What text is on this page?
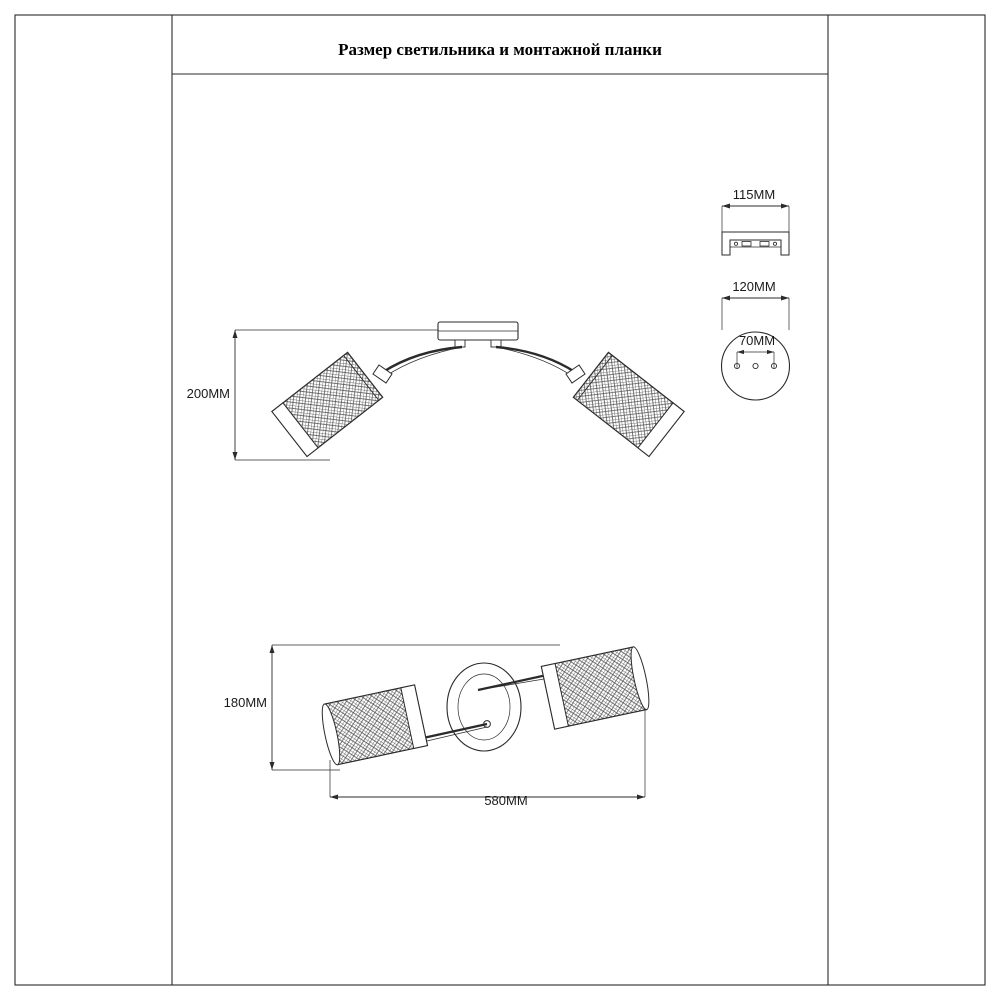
Размер светильника и монтажной планки
115ММ
120ММ
70ММ
200ММ
180ММ
580ММ
